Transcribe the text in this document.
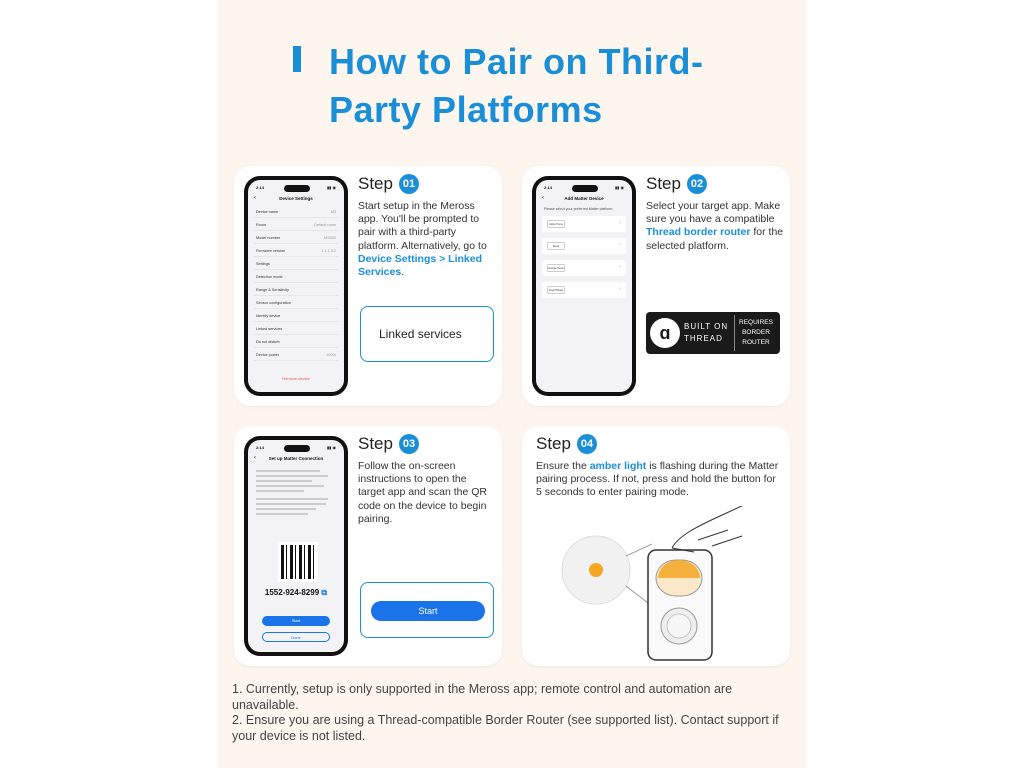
How to Pair on Third-Party Platforms
2:14	▮▮ ◉
‹	Device Settings
Device name	M3
Room	Default room
Model number	MS600
Firmware version	1.1.1.3.2
Settings
Detection mode
Range & Sensitivity
Sensor configuration
Identify device
Linked services
Do not disturb
Device power	100%
Remove device
Step 01
Start setup in the Meross app. You'll be prompted to pair with a third-party platform. Alternatively, go to Device Settings > Linked Services.
Linked services
2:14	▮▮ ◉
‹	Add Matter Device
Please select your preferred Matter platform.
Apple Home	›
Alexa	›
Google Home	›
SmartThings	›
Step 02
Select your target app. Make sure you have a compatible Thread border router for the selected platform.
ɑ	BUILT ON THREAD
REQUIRES BORDER ROUTER
2:14	▮▮ ◉
‹	Set up Matter Connection
1552-924-8299 ⧉
Start
Done
Step 03
Follow the on-screen instructions to open the target app and scan the QR code on the device to begin pairing.
Start
Step 04
Ensure the amber light is flashing during the Matter pairing process. If not, press and hold the button for 5 seconds to enter pairing mode.
1. Currently, setup is only supported in the Meross app; remote control and automation are unavailable.
2. Ensure you are using a Thread-compatible Border Router (see supported list). Contact support if your device is not listed.
